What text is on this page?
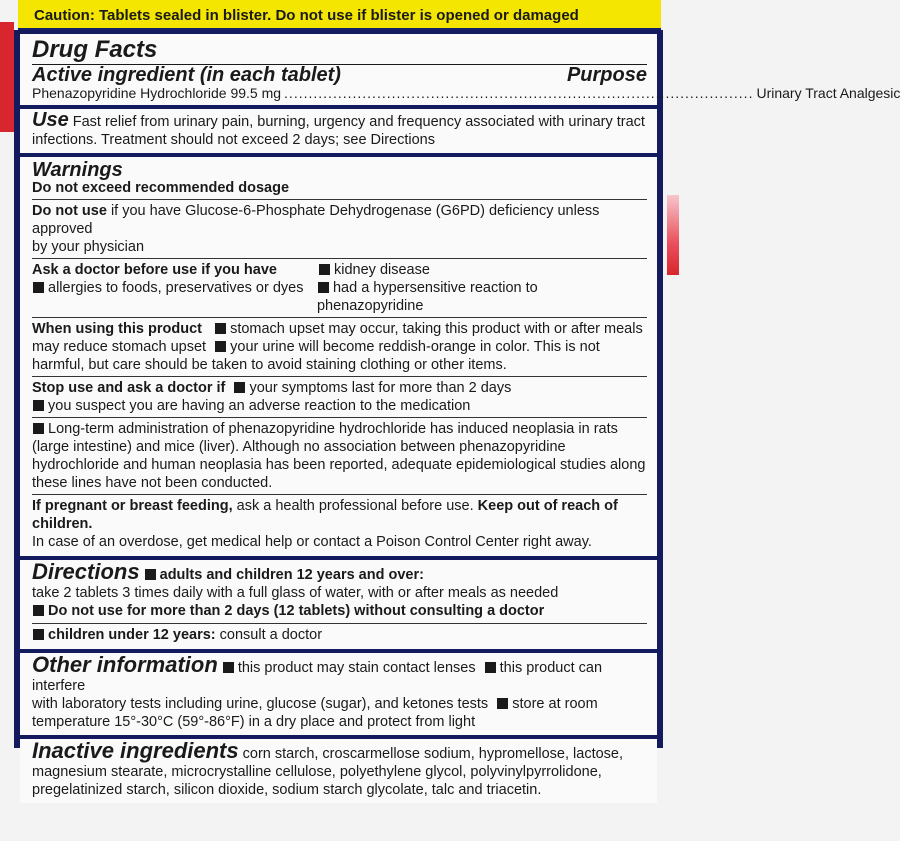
Caution: Tablets sealed in blister. Do not use if blister is opened or damaged
Drug Facts
Active ingredient (in each tablet)	Purpose
Phenazopyridine Hydrochloride 99.5 mg ................................................................................................ Urinary Tract Analgesic
Use Fast relief from urinary pain, burning, urgency and frequency associated with urinary tract
infections. Treatment should not exceed 2 days; see Directions
Warnings
Do not exceed recommended dosage
Do not use if you have Glucose-6-Phosphate Dehydrogenase (G6PD) deficiency unless approved
by your physician
Ask a doctor before use if you have	kidney disease
allergies to foods, preservatives or dyes	had a hypersensitive reaction to phenazopyridine
When using this product stomach upset may occur, taking this product with or after meals
may reduce stomach upset your urine will become reddish-orange in color. This is not
harmful, but care should be taken to avoid staining clothing or other items.
Stop use and ask a doctor if your symptoms last for more than 2 days
you suspect you are having an adverse reaction to the medication
Long-term administration of phenazopyridine hydrochloride has induced neoplasia in rats
(large intestine) and mice (liver). Although no association between phenazopyridine
hydrochloride and human neoplasia has been reported, adequate epidemiological studies along
these lines have not been conducted.
If pregnant or breast feeding, ask a health professional before use. Keep out of reach of children.
In case of an overdose, get medical help or contact a Poison Control Center right away.
Directions adults and children 12 years and over:
take 2 tablets 3 times daily with a full glass of water, with or after meals as needed
Do not use for more than 2 days (12 tablets) without consulting a doctor
children under 12 years: consult a doctor
Other information this product may stain contact lenses this product can interfere
with laboratory tests including urine, glucose (sugar), and ketones tests store at room
temperature 15°-30°C (59°-86°F) in a dry place and protect from light
Inactive ingredients corn starch, croscarmellose sodium, hypromellose, lactose,
magnesium stearate, microcrystalline cellulose, polyethylene glycol, polyvinylpyrrolidone,
pregelatinized starch, silicon dioxide, sodium starch glycolate, talc and triacetin.
